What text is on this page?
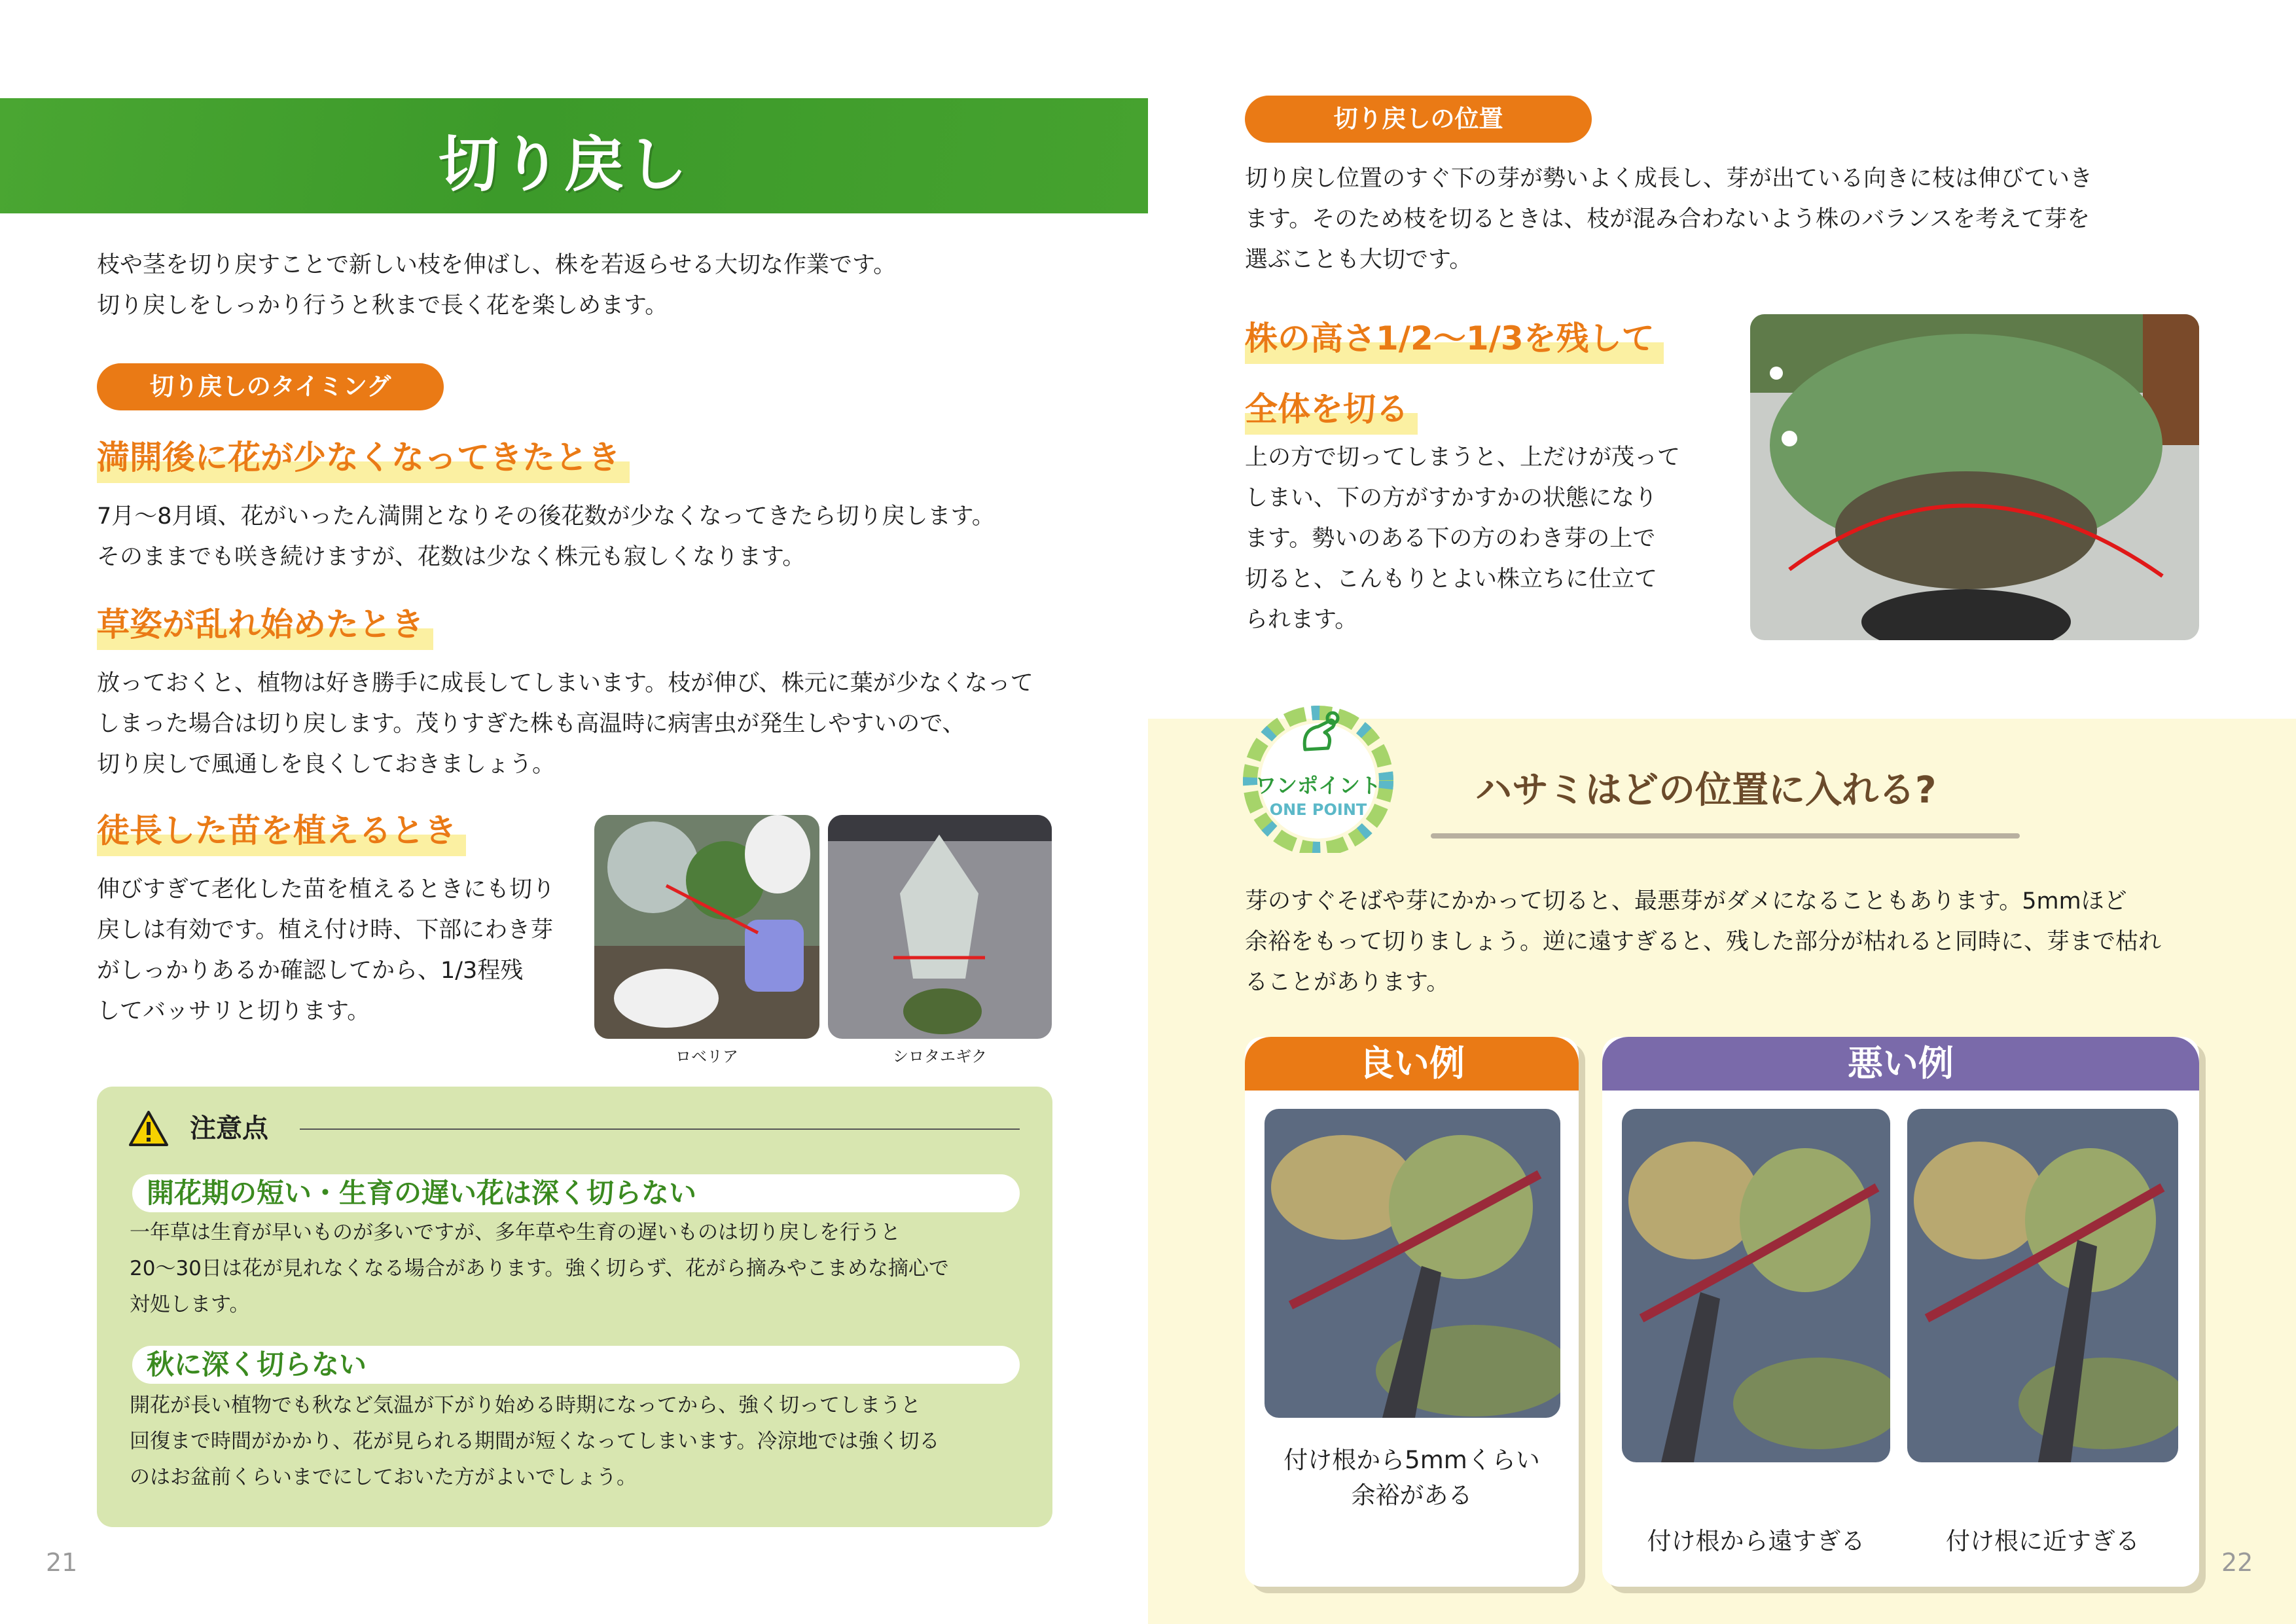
切り戻し
枝や茎を切り戻すことで新しい枝を伸ばし、株を若返らせる大切な作業です。
切り戻しをしっかり行うと秋まで長く花を楽しめます。
切り戻しのタイミング
満開後に花が少なくなってきたとき
7月～8月頃、花がいったん満開となりその後花数が少なくなってきたら切り戻します。
そのままでも咲き続けますが、花数は少なく株元も寂しくなります。
草姿が乱れ始めたとき
放っておくと、植物は好き勝手に成長してしまいます。枝が伸び、株元に葉が少なくなって
しまった場合は切り戻します。茂りすぎた株も高温時に病害虫が発生しやすいので、
切り戻しで風通しを良くしておきましょう。
徒長した苗を植えるとき
伸びすぎて老化した苗を植えるときにも切り
戻しは有効です。植え付け時、下部にわき芽
がしっかりあるか確認してから、1/3程残
してバッサリと切ります。
ロベリア	シロタエギク
注意点
開花期の短い・生育の遅い花は深く切らない
一年草は生育が早いものが多いですが、多年草や生育の遅いものは切り戻しを行うと
20～30日は花が見れなくなる場合があります。強く切らず、花がら摘みやこまめな摘心で
対処します。
秋に深く切らない
開花が長い植物でも秋など気温が下がり始める時期になってから、強く切ってしまうと
回復まで時間がかかり、花が見られる期間が短くなってしまいます。冷涼地では強く切る
のはお盆前くらいまでにしておいた方がよいでしょう。
21
切り戻しの位置
切り戻し位置のすぐ下の芽が勢いよく成長し、芽が出ている向きに枝は伸びていき
ます。そのため枝を切るときは、枝が混み合わないよう株のバランスを考えて芽を
選ぶことも大切です。
株の高さ1/2～1/3を残して
全体を切る
上の方で切ってしまうと、上だけが茂って
しまい、下の方がすかすかの状態になり
ます。勢いのある下の方のわき芽の上で
切ると、こんもりとよい株立ちに仕立て
られます。
ワンポイント
ONE POINT	ハサミはどの位置に入れる?
芽のすぐそばや芽にかかって切ると、最悪芽がダメになることもあります。5mmほど
余裕をもって切りましょう。逆に遠すぎると、残した部分が枯れると同時に、芽まで枯れ
ることがあります。
良い例
付け根から5mmくらい
余裕がある
悪い例
付け根から遠すぎる	付け根に近すぎる
22
